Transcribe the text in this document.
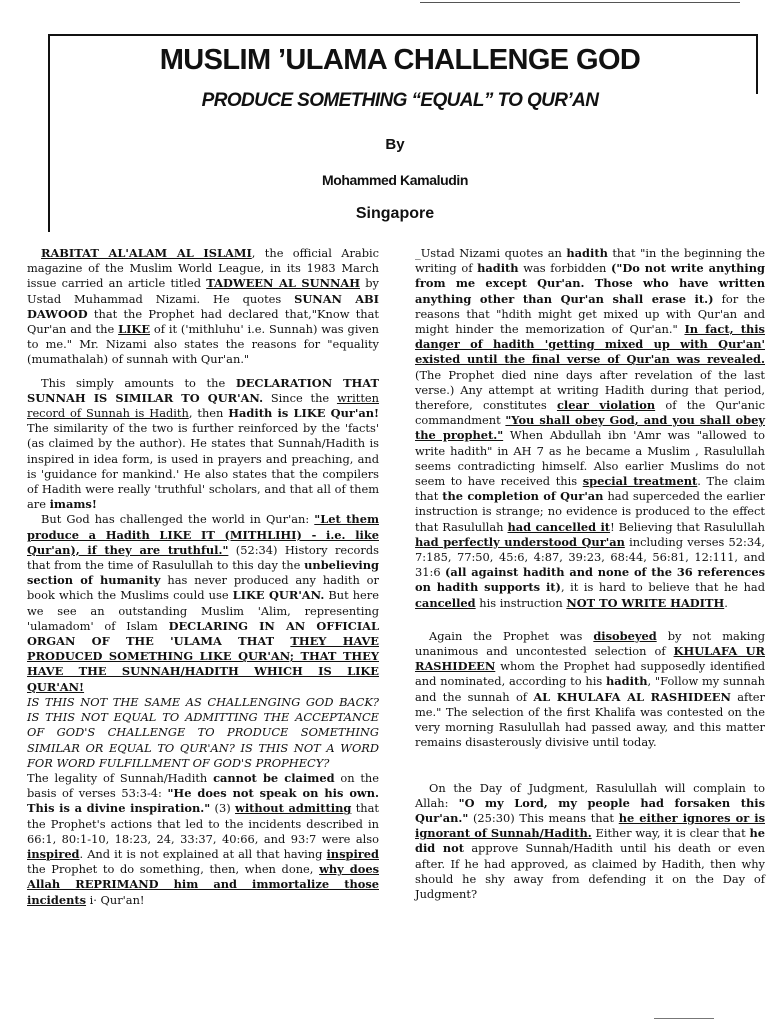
MUSLIM ’ULAMA CHALLENGE GOD
PRODUCE SOMETHING “EQUAL” TO QUR’AN
By
Mohammed Kamaludin
Singapore

RABITAT AL'ALAM AL ISLAMI, the official Arabic magazine of the Muslim World League, in its 1983 March issue carried an article titled TADWEEN AL SUNNAH by Ustad Muhammad Nizami. He quotes SUNAN ABI DAWOOD that the Prophet had declared that,"Know that Qur'an and the LIKE of it ('mithluhu' i.e. Sunnah) was given to me." Mr. Nizami also states the reasons for "equality (mumathalah) of sunnah with Qur'an."

This simply amounts to the DECLARATION THAT SUNNAH IS SIMILAR TO QUR'AN. Since the written record of Sunnah is Hadith, then Hadith is LIKE Qur'an! The similarity of the two is further reinforced by the 'facts' (as claimed by the author). He states that Sunnah/Hadith is inspired in idea form, is used in prayers and preaching, and is 'guidance for mankind.' He also states that the compilers of Hadith were really 'truthful' scholars, and that all of them are imams!

But God has challenged the world in Qur'an: "Let them produce a Hadith LIKE IT (MITHLIHI) - i.e. like Qur'an), if they are truthful." (52:34) History records that from the time of Rasulullah to this day the unbelieving section of humanity has never produced any hadith or book which the Muslims could use LIKE QUR'AN. But here we see an outstanding Muslim 'Alim, representing 'ulamadom' of Islam DECLARING IN AN OFFICIAL ORGAN OF THE 'ULAMA THAT THEY HAVE PRODUCED SOMETHING LIKE QUR'AN; THAT THEY HAVE THE SUNNAH/HADITH WHICH IS LIKE QUR'AN!

IS THIS NOT THE SAME AS CHALLENGING GOD BACK? IS THIS NOT EQUAL TO ADMITTING THE ACCEPTANCE OF GOD'S CHALLENGE TO PRODUCE SOMETHING SIMILAR OR EQUAL TO QUR'AN? IS THIS NOT A WORD FOR WORD FULFILLMENT OF GOD'S PROPHECY?

The legality of Sunnah/Hadith cannot be claimed on the basis of verses 53:3-4: "He does not speak on his own. This is a divine inspiration." (3) without admitting that the Prophet's actions that led to the incidents described in 66:1, 80:1-10, 18:23, 24, 33:37, 40:66, and 93:7 were also inspired. And it is not explained at all that having inspired the Prophet to do something, then, when done, why does Allah REPRIMAND him and immortalize those incidents i· Qur'an!

_Ustad Nizami quotes an hadith that "in the beginning the writing of hadith was forbidden ("Do not write anything from me except Qur'an. Those who have written anything other than Qur'an shall erase it.) for the reasons that "hdith might get mixed up with Qur'an and might hinder the memorization of Qur'an." In fact, this danger of hadith 'getting mixed up with Qur'an' existed until the final verse of Qur'an was revealed. (The Prophet died nine days after revelation of the last verse.) Any attempt at writing Hadith during that period, therefore, constitutes clear violation of the Qur'anic commandment "You shall obey God, and you shall obey the prophet." When Abdullah ibn 'Amr was "allowed to write hadith" in AH 7 as he became a Muslim , Rasulullah seems contradicting himself. Also earlier Muslims do not seem to have received this special treatment. The claim that the completion of Qur'an had superceded the earlier instruction is strange; no evidence is produced to the effect that Rasulullah had cancelled it! Believing that Rasulullah had perfectly understood Qur'an including verses 52:34, 7:185, 77:50, 45:6, 4:87, 39:23, 68:44, 56:81, 12:111, and 31:6 (all against hadith and none of the 36 references on hadith supports it), it is hard to believe that he had cancelled his instruction NOT TO WRITE HADITH.

Again the Prophet was disobeyed by not making unanimous and uncontested selection of KHULAFA UR RASHIDEEN whom the Prophet had supposedly identified and nominated, according to his hadith, "Follow my sunnah and the sunnah of AL KHULAFA AL RASHIDEEN after me." The selection of the first Khalifa was contested on the very morning Rasulullah had passed away, and this matter remains disasterously divisive until today.

On the Day of Judgment, Rasulullah will complain to Allah: "O my Lord, my people had forsaken this Qur'an." (25:30) This means that he either ignores or is ignorant of Sunnah/Hadith. Either way, it is clear that he did not approve Sunnah/Hadith until his death or even after. If he had approved, as claimed by Hadith, then why should he shy away from defending it on the Day of Judgment?
